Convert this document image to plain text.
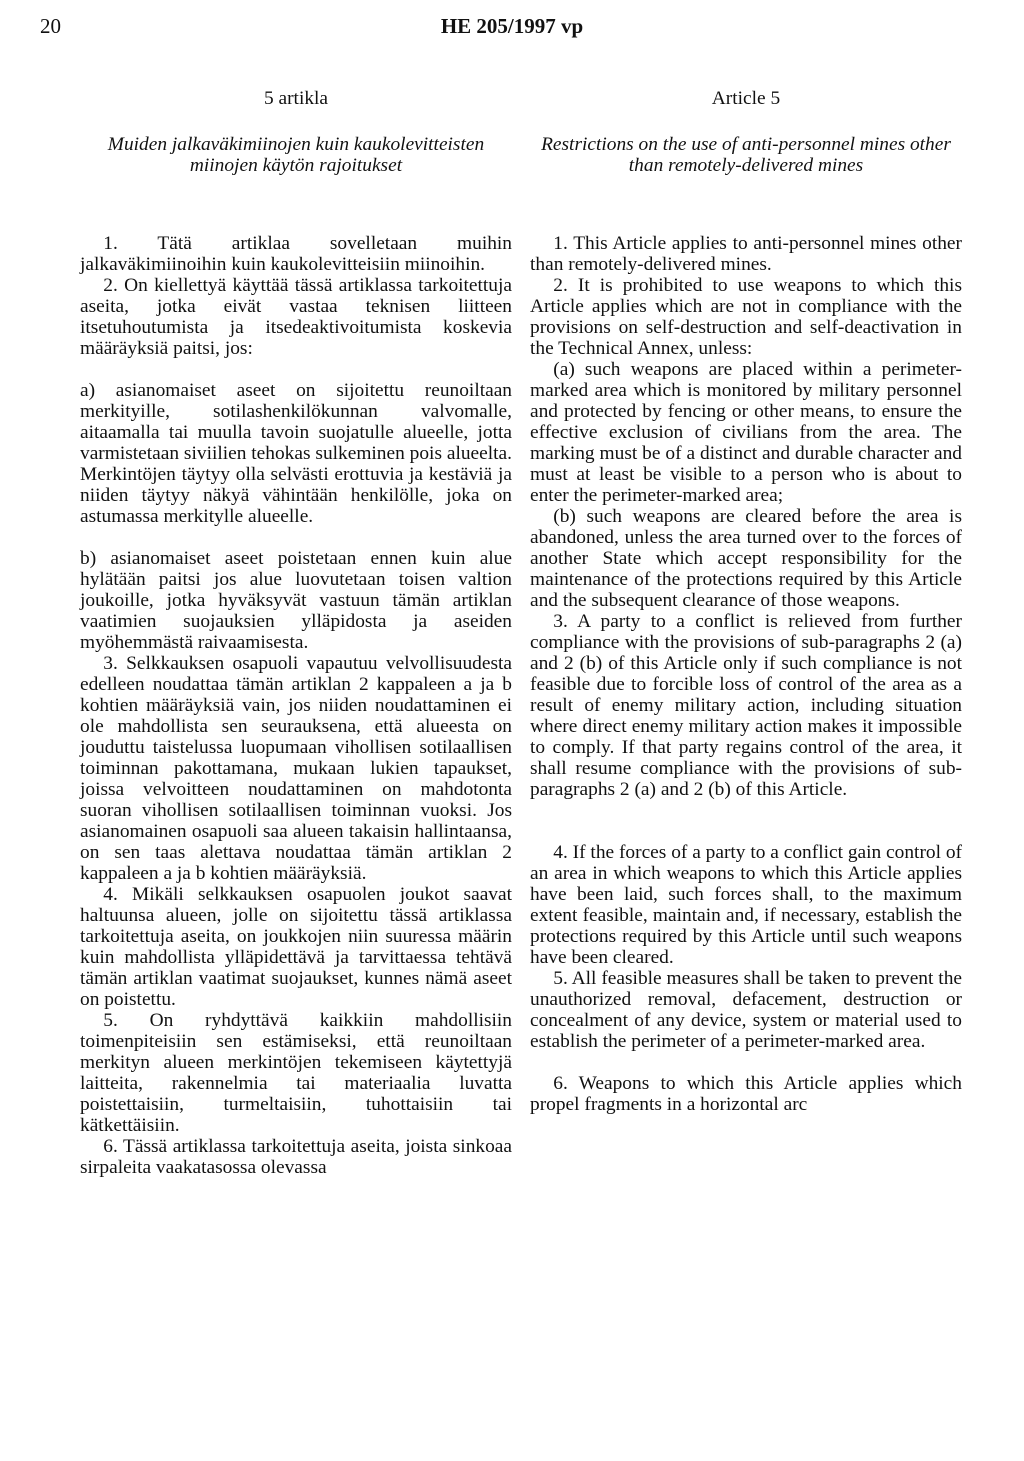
20	HE 205/1997 vp

5 artikla

Muiden jalkaväkimiinojen kuin kaukolevitteisten miinojen käytön rajoitukset

1. Tätä artiklaa sovelletaan muihin jalkaväkimiinoihin kuin kaukolevitteisiin miinoihin.

2. On kiellettyä käyttää tässä artiklassa tarkoitettuja aseita, jotka eivät vastaa teknisen liitteen itsetuhoutumista ja itsedeaktivoitumista koskevia määräyksiä paitsi, jos:

a) asianomaiset aseet on sijoitettu reunoiltaan merkityille, sotilashenkilökunnan valvomalle, aitaamalla tai muulla tavoin suojatulle alueelle, jotta varmistetaan siviilien tehokas sulkeminen pois alueelta. Merkintöjen täytyy olla selvästi erottuvia ja kestäviä ja niiden täytyy näkyä vähintään henkilölle, joka on astumassa merkitylle alueelle.

b) asianomaiset aseet poistetaan ennen kuin alue hylätään paitsi jos alue luovutetaan toisen valtion joukoille, jotka hyväksyvät vastuun tämän artiklan vaatimien suojauksien ylläpidosta ja aseiden myöhemmästä raivaamisesta.

3. Selkkauksen osapuoli vapautuu velvollisuudesta edelleen noudattaa tämän artiklan 2 kappaleen a ja b kohtien määräyksiä vain, jos niiden noudattaminen ei ole mahdollista sen seurauksena, että alueesta on jouduttu taistelussa luopumaan vihollisen sotilaallisen toiminnan pakottamana, mukaan lukien tapaukset, joissa velvoitteen noudattaminen on mahdotonta suoran vihollisen sotilaallisen toiminnan vuoksi. Jos asianomainen osapuoli saa alueen takaisin hallintaansa, on sen taas alettava noudattaa tämän artiklan 2 kappaleen a ja b kohtien määräyksiä.

4. Mikäli selkkauksen osapuolen joukot saavat haltuunsa alueen, jolle on sijoitettu tässä artiklassa tarkoitettuja aseita, on joukkojen niin suuressa määrin kuin mahdollista ylläpidettävä ja tarvittaessa tehtävä tämän artiklan vaatimat suojaukset, kunnes nämä aseet on poistettu.

5. On ryhdyttävä kaikkiin mahdollisiin toimenpiteisiin sen estämiseksi, että reunoiltaan merkityn alueen merkintöjen tekemiseen käytettyjä laitteita, rakennelmia tai materiaalia luvatta poistettaisiin, turmeltaisiin, tuhottaisiin tai kätkettäisiin.

6. Tässä artiklassa tarkoitettuja aseita, joista sinkoaa sirpaleita vaakatasossa olevassa

Article 5

Restrictions on the use of anti-personnel mines other than remotely-delivered mines

1. This Article applies to anti-personnel mines other than remotely-delivered mines.

2. It is prohibited to use weapons to which this Article applies which are not in compliance with the provisions on self-destruction and self-deactivation in the Technical Annex, unless:

(a) such weapons are placed within a perimeter-marked area which is monitored by military personnel and protected by fencing or other means, to ensure the effective exclusion of civilians from the area. The marking must be of a distinct and durable character and must at least be visible to a person who is about to enter the perimeter-marked area;

(b) such weapons are cleared before the area is abandoned, unless the area turned over to the forces of another State which accept responsibility for the maintenance of the protections required by this Article and the subsequent clearance of those weapons.

3. A party to a conflict is relieved from further compliance with the provisions of sub-paragraphs 2 (a) and 2 (b) of this Article only if such compliance is not feasible due to forcible loss of control of the area as a result of enemy military action, including situation where direct enemy military action makes it impossible to comply. If that party regains control of the area, it shall resume compliance with the provisions of sub-paragraphs 2 (a) and 2 (b) of this Article.

4. If the forces of a party to a conflict gain control of an area in which weapons to which this Article applies have been laid, such forces shall, to the maximum extent feasible, maintain and, if necessary, establish the protections required by this Article until such weapons have been cleared.

5. All feasible measures shall be taken to prevent the unauthorized removal, defacement, destruction or concealment of any device, system or material used to establish the perimeter of a perimeter-marked area.

6. Weapons to which this Article applies which propel fragments in a horizontal arc
